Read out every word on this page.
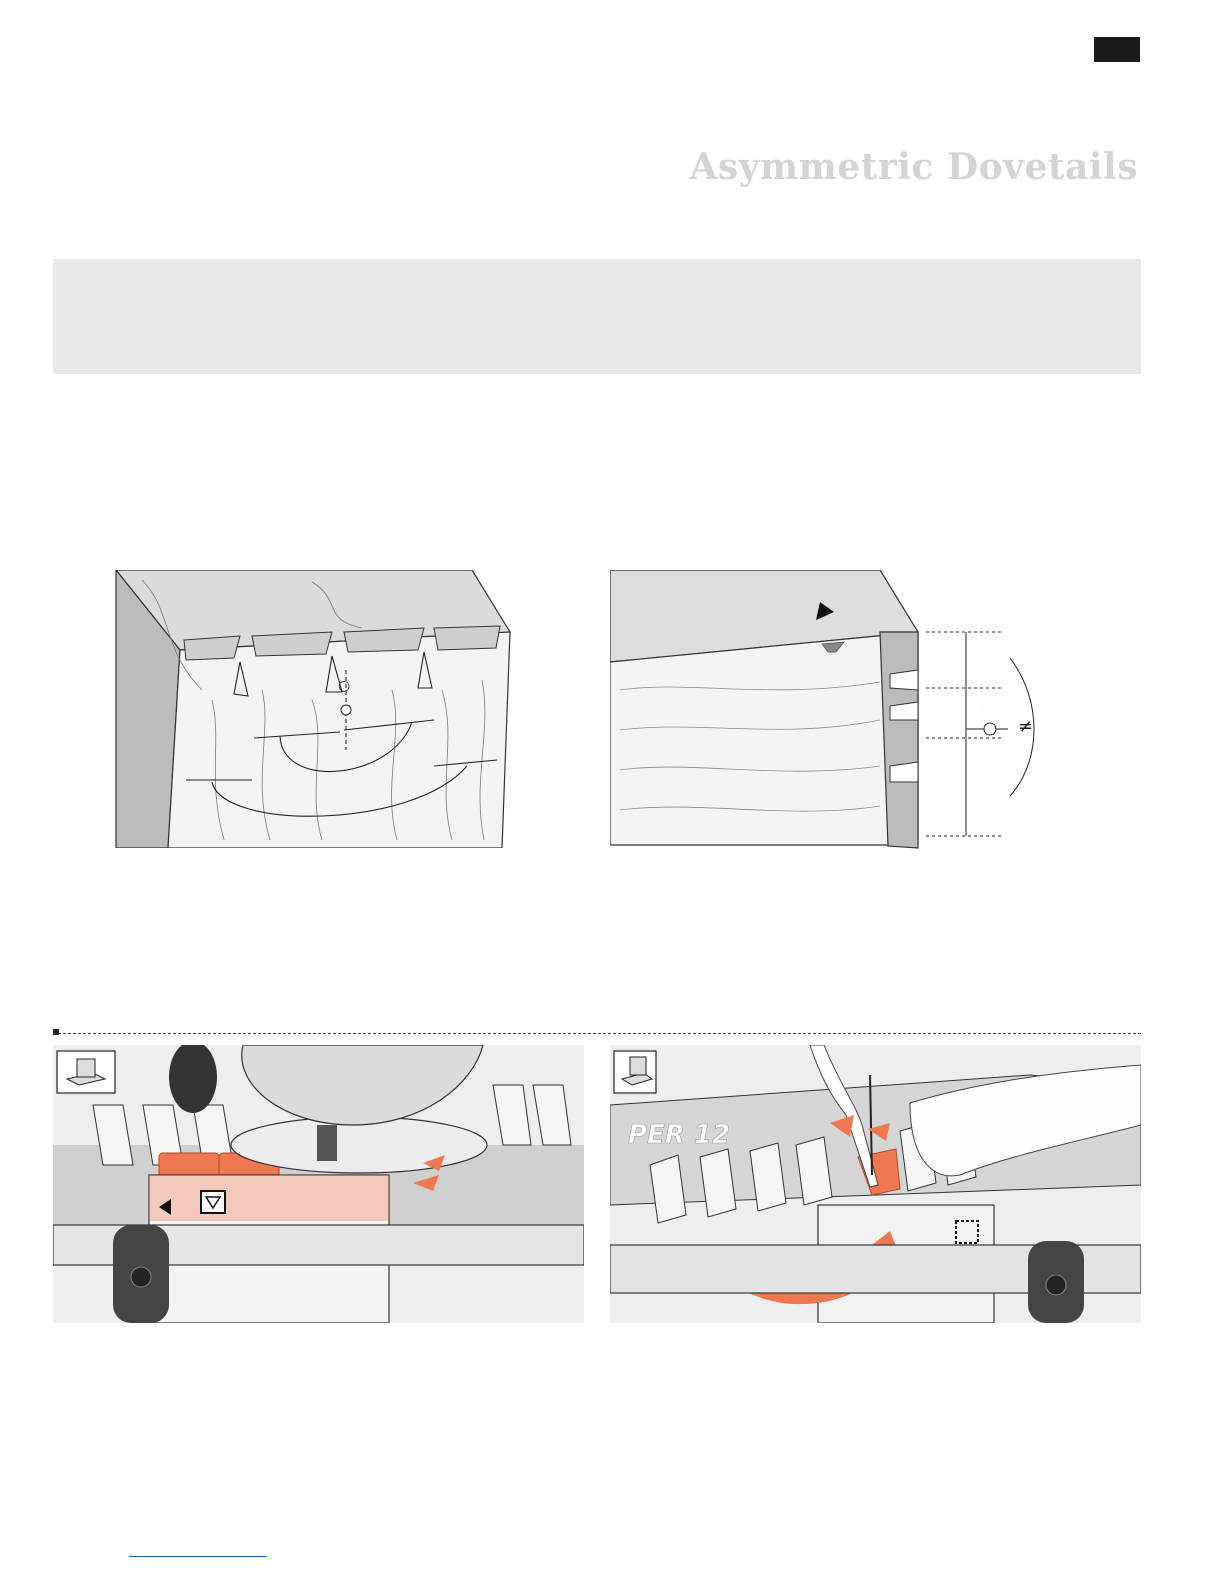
Asymmetric Dovetails
○
≠
○
PER 12
